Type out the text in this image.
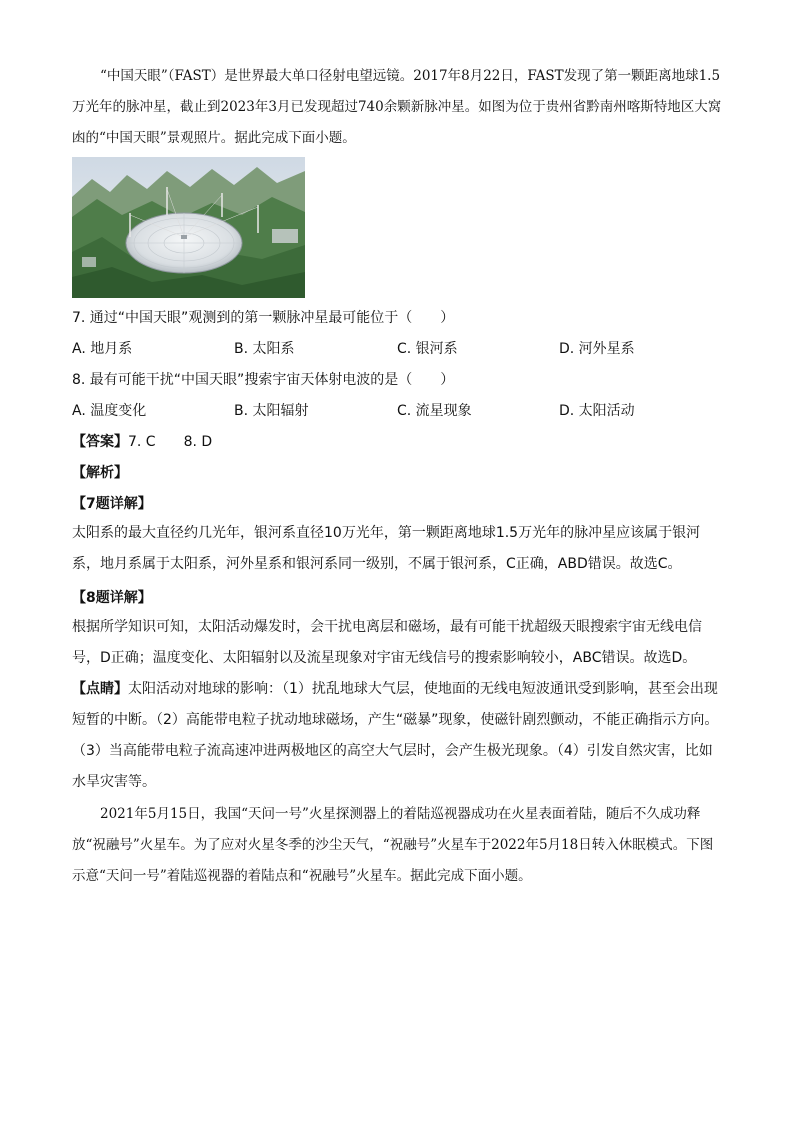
“中国天眼”（FAST）是世界最大单口径射电望远镜。2017年8月22日，FAST发现了第一颗距离地球1.5万光年的脉冲星，截止到2023年3月已发现超过740余颗新脉冲星。如图为位于贵州省黔南州喀斯特地区大窝凼的“中国天眼”景观照片。据此完成下面小题。
7. 通过“中国天眼”观测到的第一颗脉冲星最可能位于（　　）
A. 地月系	B. 太阳系	C. 银河系	D. 河外星系
8. 最有可能干扰“中国天眼”搜索宇宙天体射电波的是（　　）
A. 温度变化	B. 太阳辐射	C. 流星现象	D. 太阳活动
【答案】7. C　　8. D
【解析】
【7题详解】
太阳系的最大直径约几光年，银河系直径10万光年，第一颗距离地球1.5万光年的脉冲星应该属于银河系，地月系属于太阳系，河外星系和银河系同一级别，不属于银河系，C正确，ABD错误。故选C。
【8题详解】
根据所学知识可知，太阳活动爆发时，会干扰电离层和磁场，最有可能干扰超级天眼搜索宇宙无线电信号，D正确；温度变化、太阳辐射以及流星现象对宇宙无线信号的搜索影响较小，ABC错误。故选D。
【点睛】太阳活动对地球的影响：（1）扰乱地球大气层，使地面的无线电短波通讯受到影响，甚至会出现短暂的中断。（2）高能带电粒子扰动地球磁场，产生“磁暴”现象，使磁针剧烈颤动，不能正确指示方向。（3）当高能带电粒子流高速冲进两极地区的高空大气层时，会产生极光现象。（4）引发自然灾害，比如水旱灾害等。
2021年5月15日，我国“天问一号”火星探测器上的着陆巡视器成功在火星表面着陆，随后不久成功释放“祝融号”火星车。为了应对火星冬季的沙尘天气，“祝融号”火星车于2022年5月18日转入休眠模式。下图示意“天问一号”着陆巡视器的着陆点和“祝融号”火星车。据此完成下面小题。
